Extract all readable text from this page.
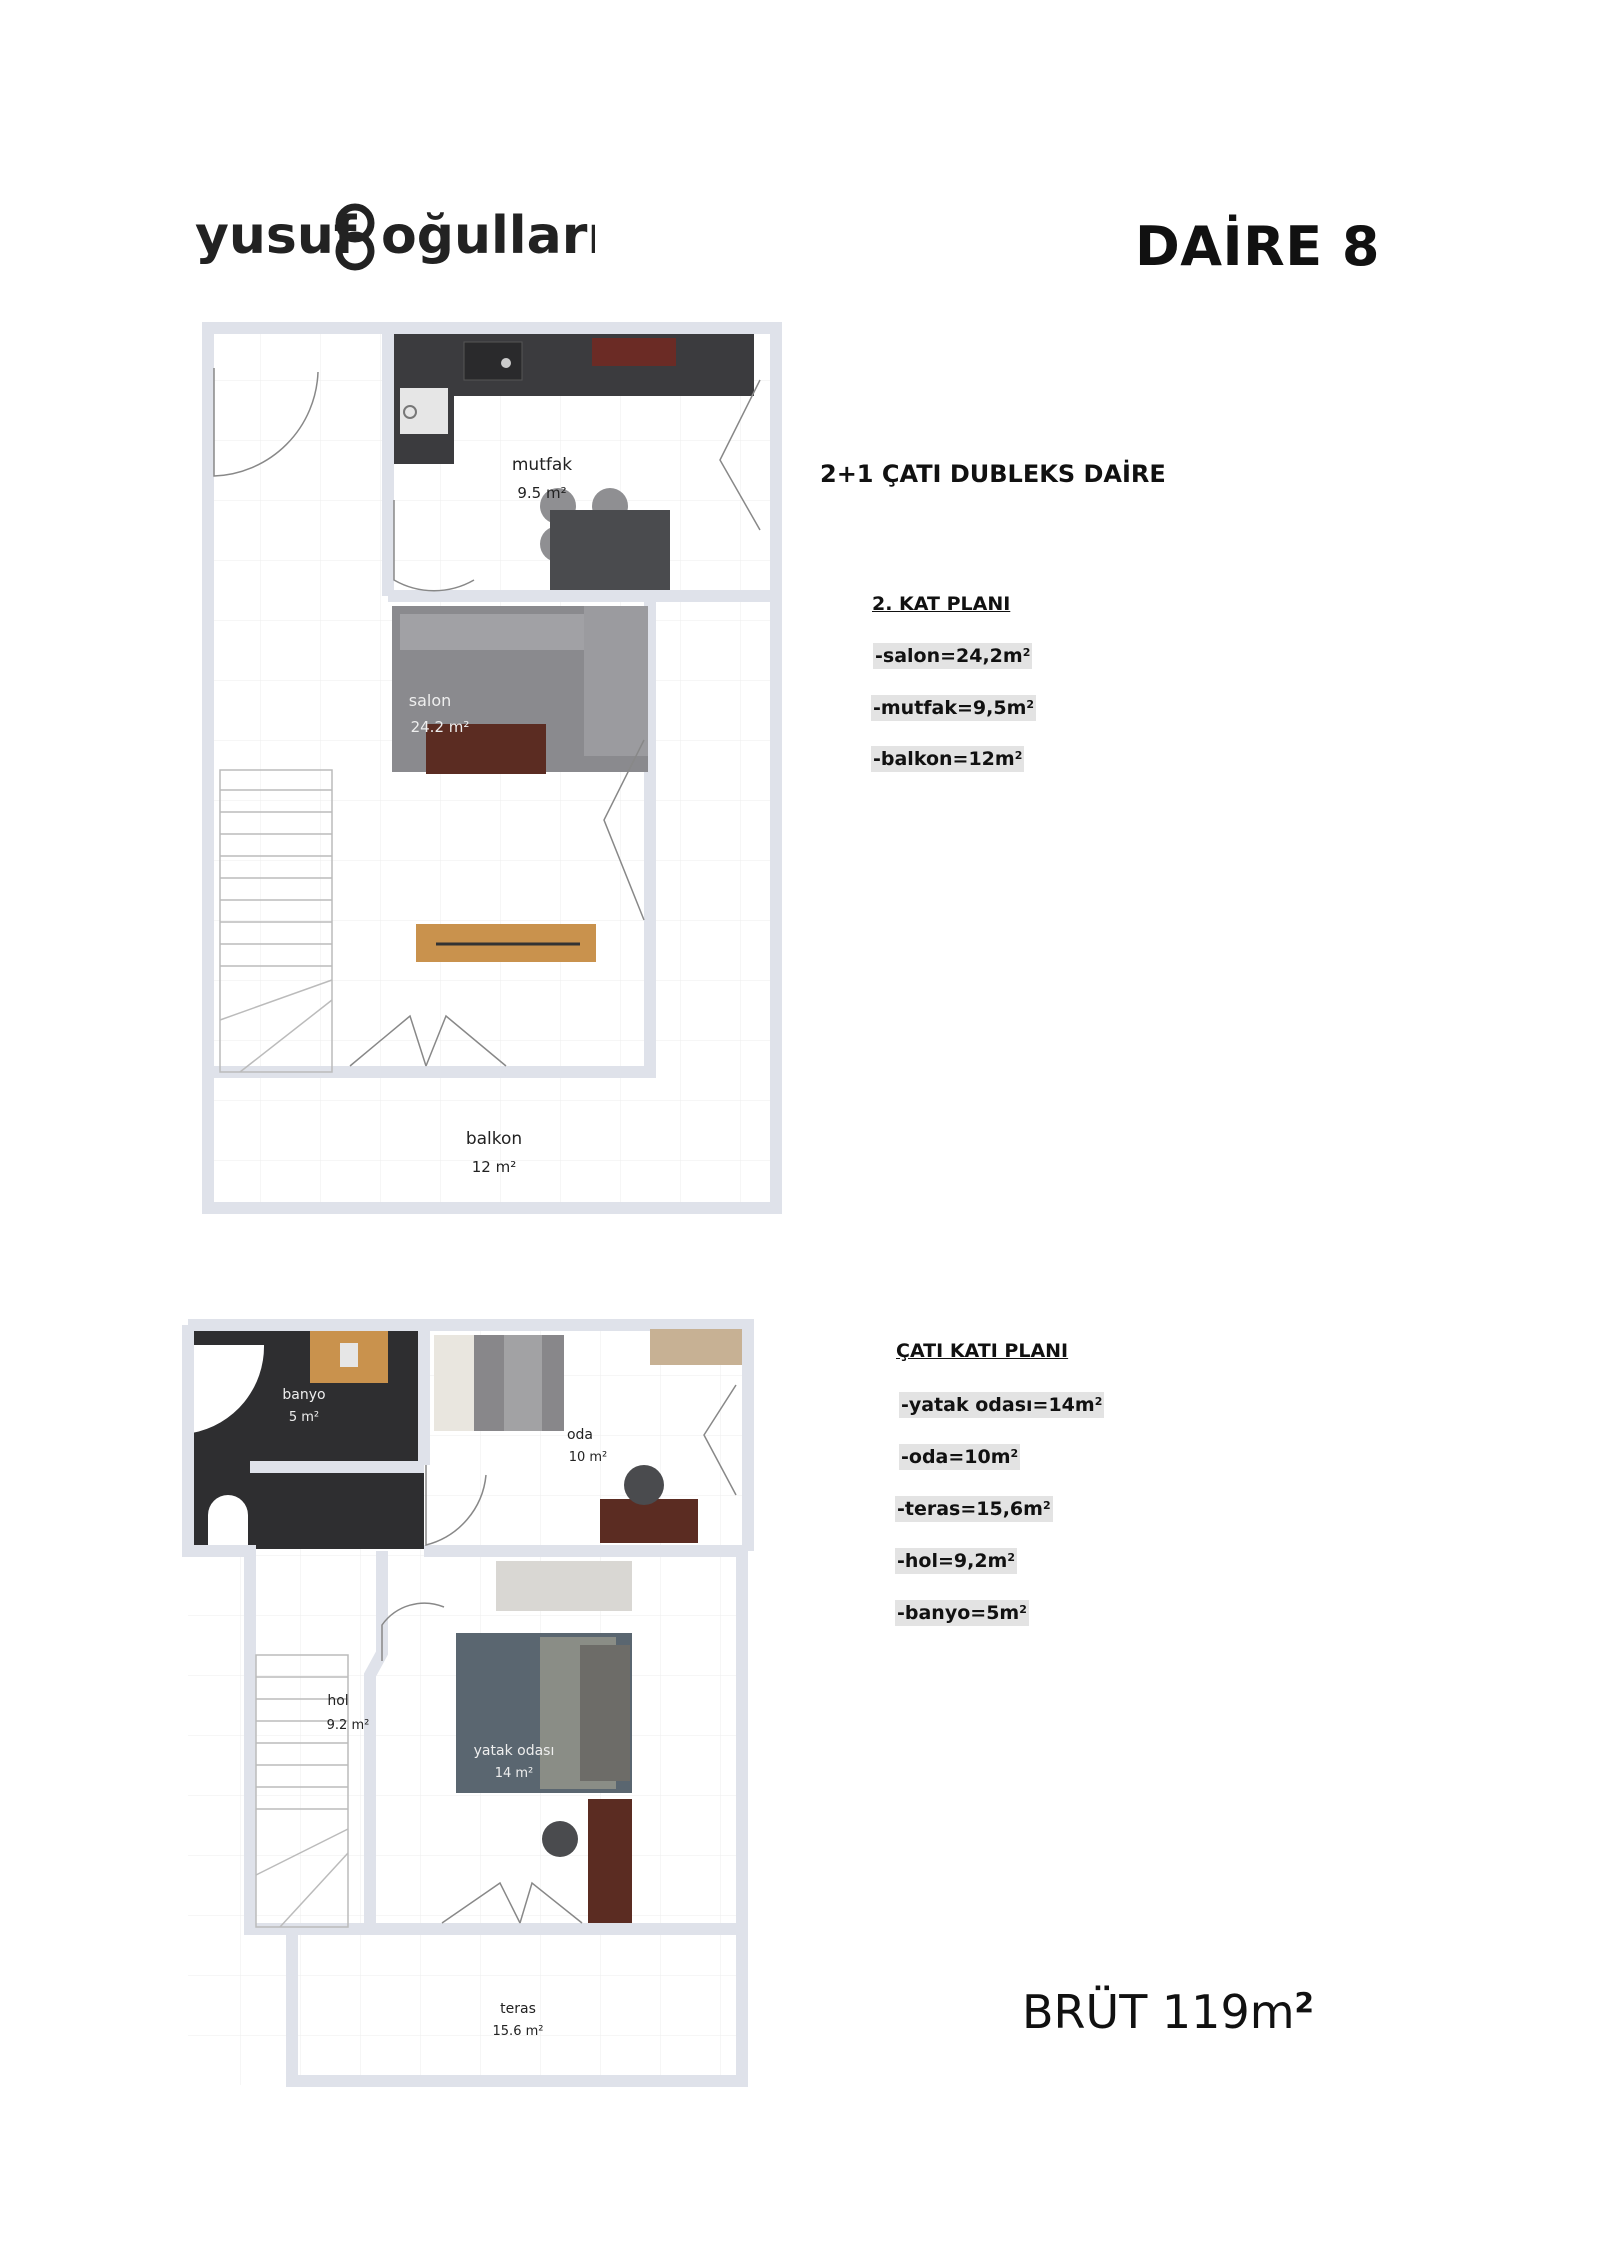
yusuf oğulları	DAİRE 8
2+1 ÇATI DUBLEKS DAİRE
2. KAT PLANI
$-salon=24,2m^2$
$-mutfak=9,5m^2$
$-balkon=12m^2$
ÇATI KATI PLANI
-yatak $odası=14m^2$
$-oda=10m^2$
$-teras=15,6m^2$
$-hol=9,2m^2$
$-banyo=5m^2$
BRÜT $119m^2$
mutfak
9.5 m²
salon
24.2 m²
balkon
12 m²
banyo
5 m²
oda
10 m²
hol
9.2 m²
yatak odası
14 m²
teras
15.6 m²
